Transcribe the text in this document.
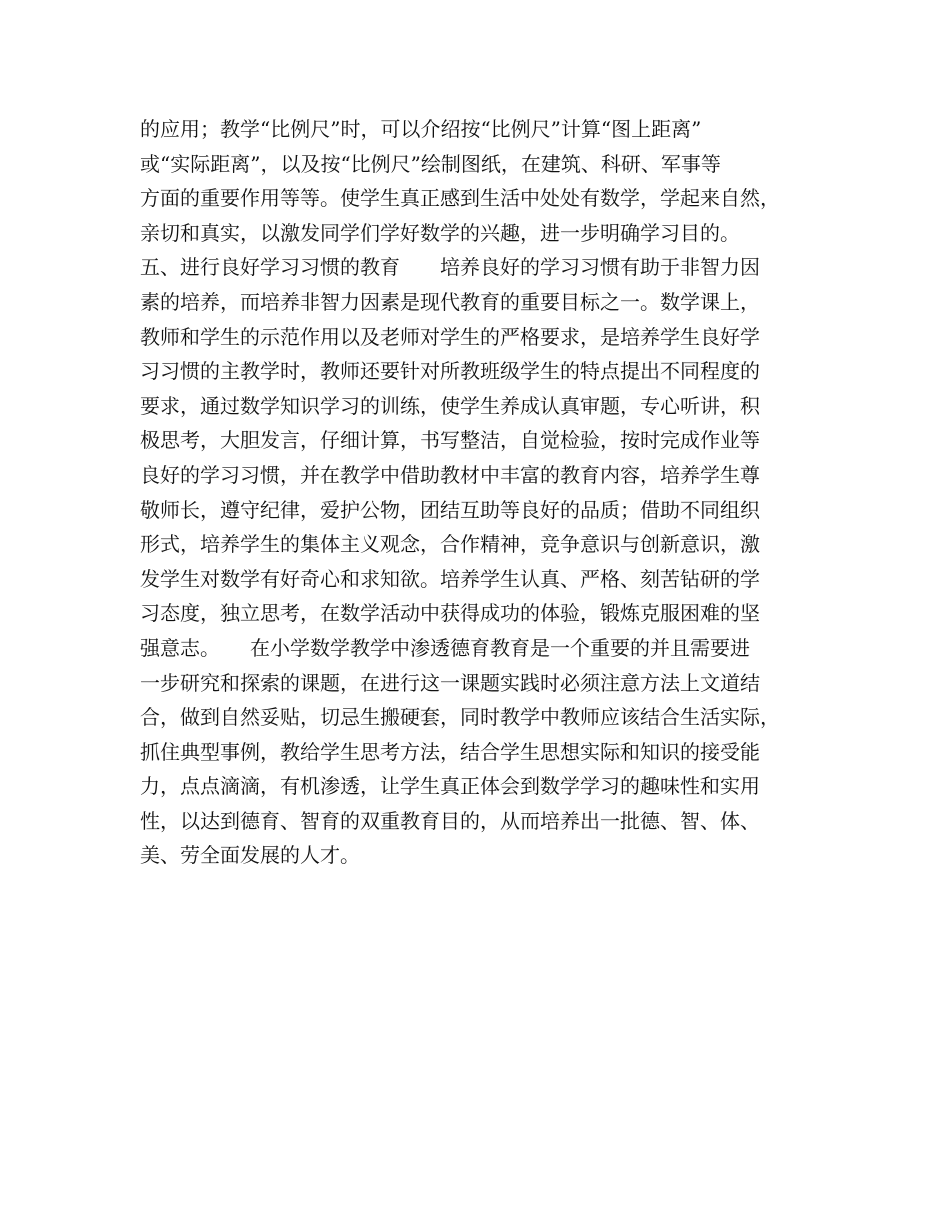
的应用；教学“比例尺”时，可以介绍按“比例尺”计算“图上距离”
或“实际距离”，以及按“比例尺”绘制图纸，在建筑、科研、军事等
方面的重要作用等等。使学生真正感到生活中处处有数学，学起来自然，
亲切和真实，以激发同学们学好数学的兴趣，进一步明确学习目的。
五、进行良好学习习惯的教育　　培养良好的学习习惯有助于非智力因
素的培养，而培养非智力因素是现代教育的重要目标之一。数学课上，
教师和学生的示范作用以及老师对学生的严格要求，是培养学生良好学
习习惯的主教学时，教师还要针对所教班级学生的特点提出不同程度的
要求，通过数学知识学习的训练，使学生养成认真审题，专心听讲，积
极思考，大胆发言，仔细计算，书写整洁，自觉检验，按时完成作业等
良好的学习习惯，并在教学中借助教材中丰富的教育内容，培养学生尊
敬师长，遵守纪律，爱护公物，团结互助等良好的品质；借助不同组织
形式，培养学生的集体主义观念，合作精神，竞争意识与创新意识，激
发学生对数学有好奇心和求知欲。培养学生认真、严格、刻苦钻研的学
习态度，独立思考，在数学活动中获得成功的体验，锻炼克服困难的坚
强意志。　　在小学数学教学中渗透德育教育是一个重要的并且需要进
一步研究和探索的课题，在进行这一课题实践时必须注意方法上文道结
合，做到自然妥贴，切忌生搬硬套，同时教学中教师应该结合生活实际，
抓住典型事例，教给学生思考方法，结合学生思想实际和知识的接受能
力，点点滴滴，有机渗透，让学生真正体会到数学学习的趣味性和实用
性，以达到德育、智育的双重教育目的，从而培养出一批德、智、体、
美、劳全面发展的人才。
